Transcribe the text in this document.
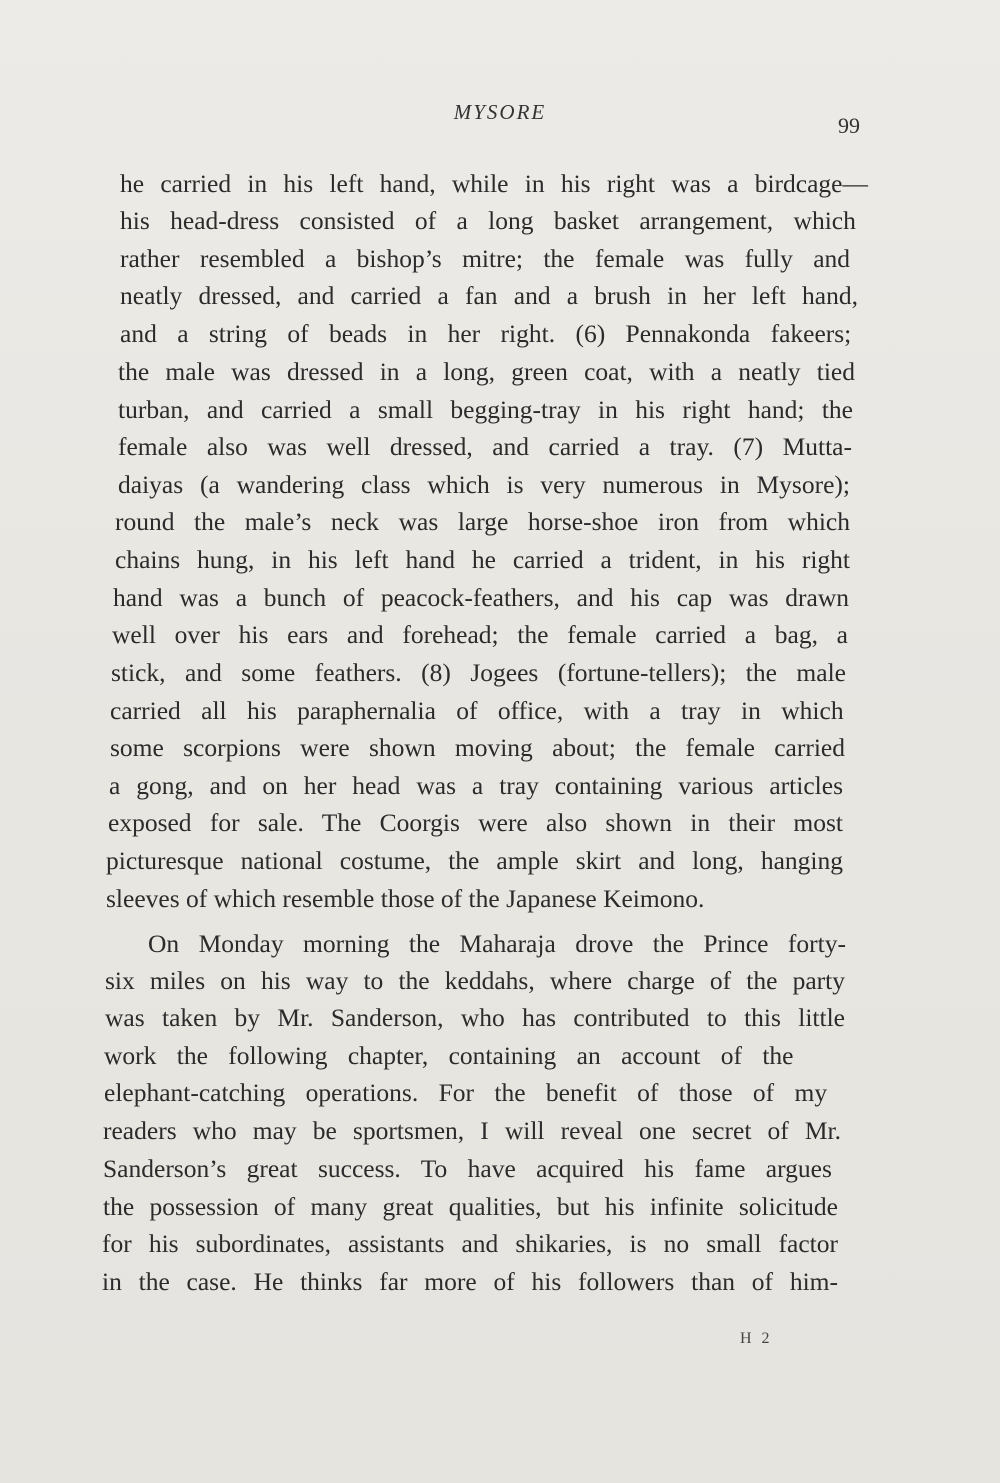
MYSORE
99
he carried in his left hand, while in his right was a birdcage—
his head-dress consisted of a long basket arrangement, which
rather resembled a bishop’s mitre; the female was fully and
neatly dressed, and carried a fan and a brush in her left hand,
and a string of beads in her right. (6) Pennakonda fakeers;
the male was dressed in a long, green coat, with a neatly tied
turban, and carried a small begging-tray in his right hand; the
female also was well dressed, and carried a tray. (7) Mutta-
daiyas (a wandering class which is very numerous in Mysore);
round the male’s neck was large horse-shoe iron from which
chains hung, in his left hand he carried a trident, in his right
hand was a bunch of peacock-feathers, and his cap was drawn
well over his ears and forehead; the female carried a bag, a
stick, and some feathers. (8) Jogees (fortune-tellers); the male
carried all his paraphernalia of office, with a tray in which
some scorpions were shown moving about; the female carried
a gong, and on her head was a tray containing various articles
exposed for sale. The Coorgis were also shown in their most
picturesque national costume, the ample skirt and long, hanging
sleeves of which resemble those of the Japanese Keimono.
On Monday morning the Maharaja drove the Prince forty-
six miles on his way to the keddahs, where charge of the party
was taken by Mr. Sanderson, who has contributed to this little
work the following chapter, containing an account of the
elephant-catching operations. For the benefit of those of my
readers who may be sportsmen, I will reveal one secret of Mr.
Sanderson’s great success. To have acquired his fame argues
the possession of many great qualities, but his infinite solicitude
for his subordinates, assistants and shikaries, is no small factor
in the case. He thinks far more of his followers than of him-
H 2
